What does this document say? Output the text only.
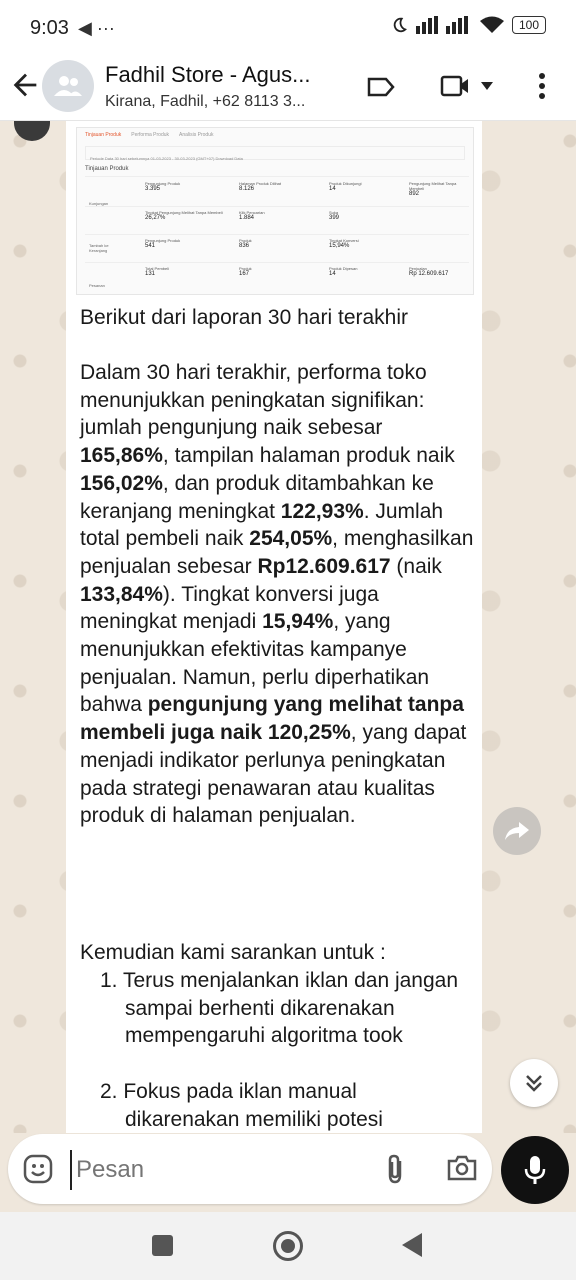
9:03 ◀ ···	100
Fadhil Store - Agus...
Kirana, Fadhil, +62 8113 3...
Tinjauan Produk Performa Produk Analisis Produk
Periode Data 30 hari sebelumnya 01-03-2023 - 30-03-2023 (GMT+07) Download Data
Tinjauan Produk
Kunjungan
Pengunjung Produk
3.395
Halaman Produk Dilihat
8.126
Produk Dikunjungi
14
Pengunjung Melihat Tanpa Membeli
892
Tingkat Pengunjung Melihat Tanpa Membeli
26,27%
Klik Pencarian
1.884
Suka
399
Tambah ke Keranjang
Pengunjung Produk
541
Produk
836
Tingkat Konversi
15,94%
Pesanan
Total Pembeli
131
Produk
167
Produk Dipesan
14
Penjualan
Rp 12.609.617
Berikut dari laporan 30 hari terakhir
Dalam 30 hari terakhir, performa toko menunjukkan peningkatan signifikan: jumlah pengunjung naik sebesar 165,86%, tampilan halaman produk naik 156,02%, dan produk ditambahkan ke keranjang meningkat 122,93%. Jumlah total pembeli naik 254,05%, menghasilkan penjualan sebesar Rp12.609.617 (naik 133,84%). Tingkat konversi juga meningkat menjadi 15,94%, yang menunjukkan efektivitas kampanye penjualan. Namun, perlu diperhatikan bahwa pengunjung yang melihat tanpa membeli juga naik 120,25%, yang dapat menjadi indikator perlunya peningkatan pada strategi penawaran atau kualitas produk di halaman penjualan.
Kemudian kami sarankan untuk :
1. Terus menjalankan iklan dan jangan sampai berhenti dikarenakan mempengaruhi algoritma took
2. Fokus pada iklan manual dikarenakan memiliki potesi
Pesan
